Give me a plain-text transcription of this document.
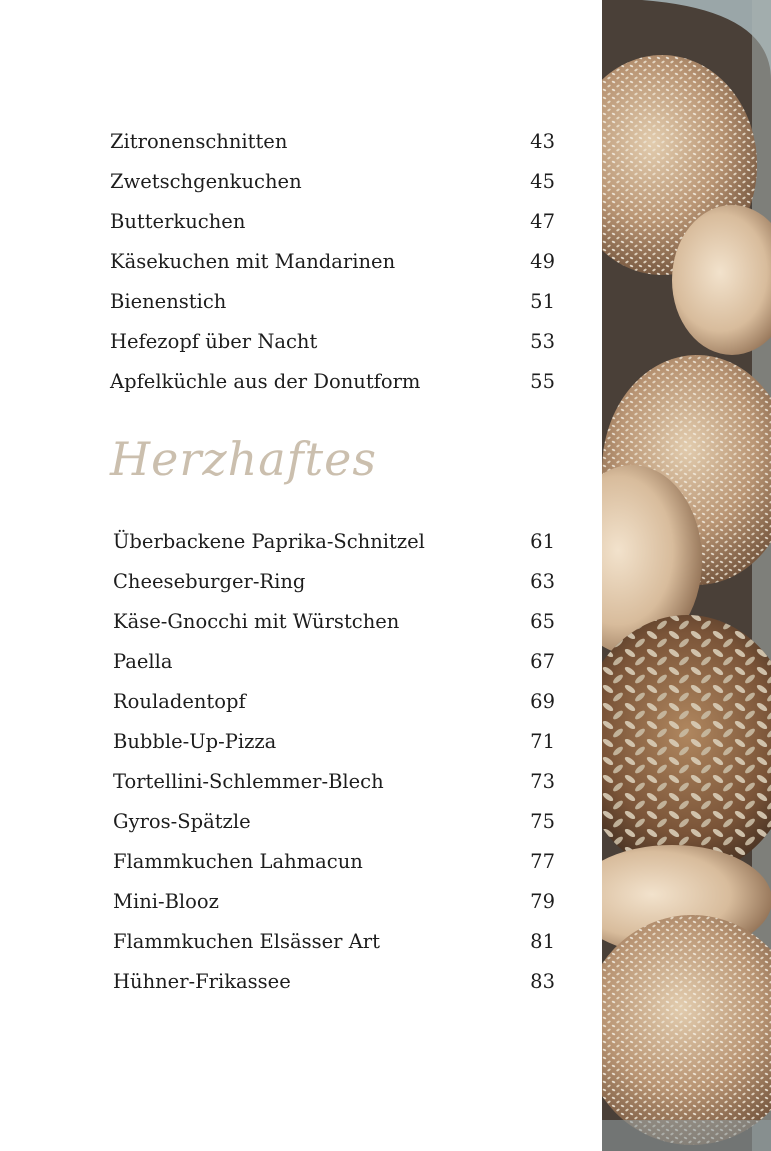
Zitronenschnitten	43
Zwetschgenkuchen	45
Butterkuchen	47
Käsekuchen mit Mandarinen	49
Bienenstich	51
Hefezopf über Nacht	53
Apfelküchle aus der Donutform	55
Herzhaftes
Überbackene Paprika-Schnitzel	61
Cheeseburger-Ring	63
Käse-Gnocchi mit Würstchen	65
Paella	67
Rouladentopf	69
Bubble-Up-Pizza	71
Tortellini-Schlemmer-Blech	73
Gyros-Spätzle	75
Flammkuchen Lahmacun	77
Mini-Blooz	79
Flammkuchen Elsässer Art	81
Hühner-Frikassee	83
